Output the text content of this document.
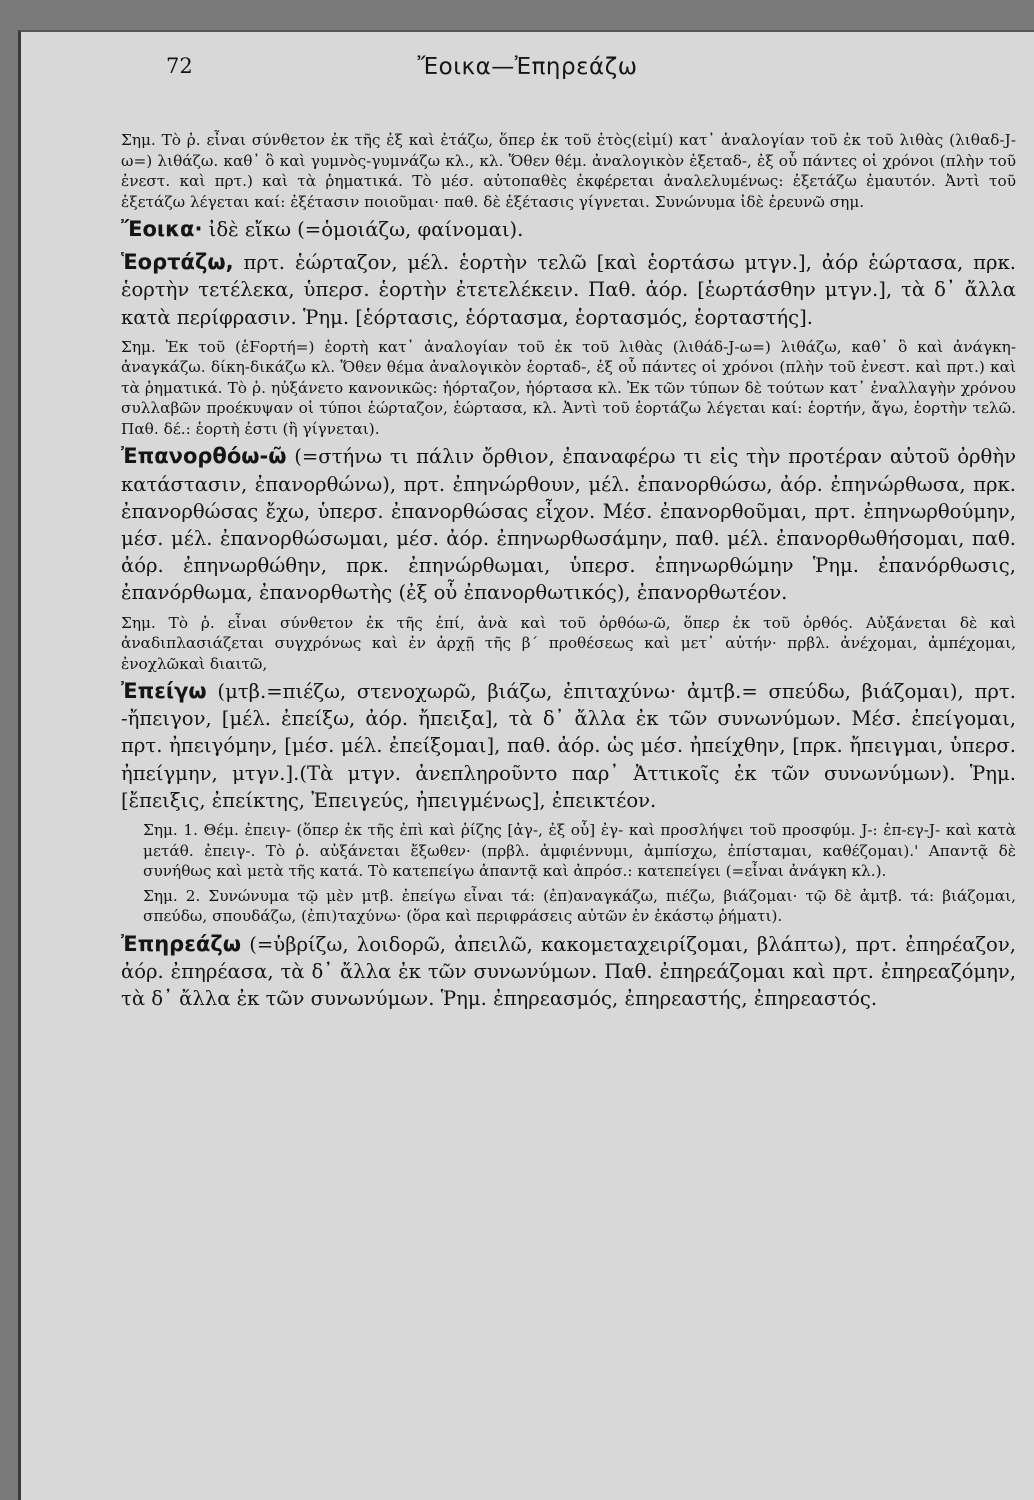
72	Ἔοικα—Ἐπηρεάζω

Σημ. Τὸ ῥ. εἶναι σύνθετον ἐκ τῆς ἐξ καὶ ἐτάζω, ὅπερ ἐκ τοῦ ἐτὸς(εἰμί) κατ᾽ ἀναλογίαν τοῦ ἐκ τοῦ λιθὰς (λιθαδ-J-ω=) λιθάζω. καθ᾽ ὃ καὶ γυμνὸς-γυμνάζω κλ., κλ. Ὅθεν θέμ. ἀναλογικὸν ἐξεταδ-, ἐξ οὗ πάντες οἱ χρόνοι (πλὴν τοῦ ἐνεστ. καὶ πρτ.) καὶ τὰ ῥηματικά. Τὸ μέσ. αὐτοπαθὲς ἐκφέρεται ἀναλελυμένως: ἐξετάζω ἐμαυτόν. Ἀντὶ τοῦ ἐξετάζω λέγεται καί: ἐξέτασιν ποιοῦμαι· παθ. δὲ ἐξέτασις γίγνεται. Συνώνυμα ἰδὲ ἐρευνῶ σημ.

Ἔοικα· ἰδὲ εἴκω (=ὁμοιάζω, φαίνομαι).

Ἑορτάζω, πρτ. ἑώρταζον, μέλ. ἑορτὴν τελῶ [καὶ ἑορτάσω μτγν.], ἀόρ ἑώρτασα, πρκ. ἑορτὴν τετέλεκα, ὑπερσ. ἑορτὴν ἐτετελέκειν. Παθ. ἀόρ. [ἑωρτάσθην μτγν.], τὰ δ᾽ ἄλλα κατὰ περίφρασιν. Ῥημ. [ἑόρτασις, ἑόρτασμα, ἑορτασμός, ἑορταστής].

Σημ. Ἐκ τοῦ (ἑϜορτή=) ἑορτὴ κατ᾽ ἀναλογίαν τοῦ ἐκ τοῦ λιθὰς (λιθάδ-J-ω=) λιθάζω, καθ᾽ ὃ καὶ ἀνάγκη-ἀναγκάζω. δίκη-δικάζω κλ. Ὅθεν θέμα ἀναλογικὸν ἑορταδ-, ἐξ οὗ πάντες οἱ χρόνοι (πλὴν τοῦ ἐνεστ. καὶ πρτ.) καὶ τὰ ῥηματικά. Τὸ ῥ. ηὐξάνετο κανονικῶς: ἡόρταζον, ἡόρτασα κλ. Ἐκ τῶν τύπων δὲ τούτων κατ᾽ ἐναλλαγὴν χρόνου συλλαβῶν προέκυψαν οἱ τύποι ἑώρταζον, ἑώρτασα, κλ. Ἀντὶ τοῦ ἑορτάζω λέγεται καί: ἑορτήν, ἄγω, ἑορτὴν τελῶ. Παθ. δέ.: ἑορτὴ ἐστι (ἢ γίγνεται).

Ἐπανορθόω-ῶ (=στήνω τι πάλιν ὄρθιον, ἐπαναφέρω τι εἰς τὴν προτέραν αὐτοῦ ὀρθὴν κατάστασιν, ἐπανορθώνω), πρτ. ἐπηνώρθουν, μέλ. ἐπανορθώσω, ἀόρ. ἐπηνώρθωσα, πρκ. ἐπανορθώσας ἔχω, ὑπερσ. ἐπανορθώσας εἶχον. Μέσ. ἐπανορθοῦμαι, πρτ. ἐπηνωρθούμην, μέσ. μέλ. ἐπανορθώσωμαι, μέσ. ἀόρ. ἐπηνωρθωσάμην, παθ. μέλ. ἐπανορθωθήσομαι, παθ. ἀόρ. ἐπηνωρθώθην, πρκ. ἐπηνώρθωμαι, ὑπερσ. ἐπηνωρθώμην Ῥημ. ἐπανόρθωσις, ἐπανόρθωμα, ἐπανορθωτὴς (ἐξ οὗ ἐπανορθωτικός), ἐπανορθωτέον.

Σημ. Τὸ ῥ. εἶναι σύνθετον ἐκ τῆς ἐπί, ἀνὰ καὶ τοῦ ὀρθόω-ῶ, ὅπερ ἐκ τοῦ ὀρθός. Αὐξάνεται δὲ καὶ ἀναδιπλασιάζεται συγχρόνως καὶ ἐν ἀρχῇ τῆς β´ προθέσεως καὶ μετ᾽ αὐτήν· πρβλ. ἀνέχομαι, ἀμπέχομαι, ἐνοχλῶκαὶ διαιτῶ,

Ἐπείγω (μτβ.=πιέζω, στενοχωρῶ, βιάζω, ἐπιταχύνω· ἀμτβ.= σπεύδω, βιάζομαι), πρτ. -ἤπειγον, [μέλ. ἐπείξω, ἀόρ. ἤπειξα], τὰ δ᾽ ἄλλα ἐκ τῶν συνωνύμων. Μέσ. ἐπείγομαι, πρτ. ἠπειγόμην, [μέσ. μέλ. ἐπείξομαι], παθ. ἀόρ. ὡς μέσ. ἠπείχθην, [πρκ. ἤπειγμαι, ὑπερσ. ἠπείγμην, μτγν.].(Τὰ μτγν. ἀνεπληροῦντο παρ᾽ Ἀττικοῖς ἐκ τῶν συνωνύμων). Ῥημ. [ἔπειξις, ἐπείκτης, Ἐπειγεύς, ἠπειγμένως], ἐπεικτέον.

Σημ. 1. Θέμ. ἐπειγ- (ὅπερ ἐκ τῆς ἐπὶ καὶ ῥίζης [ἀγ-, ἐξ οὗ] ἐγ- καὶ προσλήψει τοῦ προσφύμ. J-: ἐπ-εγ-J- καὶ κατὰ μετάθ. ἐπειγ-. Τὸ ῥ. αὐξάνεται ἔξωθεν· (πρβλ. ἀμφιέννυμι, ἀμπίσχω, ἐπίσταμαι, καθέζομαι).' Απαντᾷ δὲ συνήθως καὶ μετὰ τῆς κατά. Τὸ κατεπείγω ἀπαντᾷ καὶ ἀπρόσ.: κατεπείγει (=εἶναι ἀνάγκη κλ.).

Σημ. 2. Συνώνυμα τῷ μὲν μτβ. ἐπείγω εἶναι τά: (ἐπ)αναγκάζω, πιέζω, βιάζομαι· τῷ δὲ ἀμτβ. τά: βιάζομαι, σπεύδω, σπουδάζω, (ἐπι)ταχύνω· (ὅρα καὶ περιφράσεις αὐτῶν ἐν ἑκάστῳ ῥήματι).

Ἐπηρεάζω (=ὑβρίζω, λοιδορῶ, ἀπειλῶ, κακομεταχειρίζομαι, βλάπτω), πρτ. ἐπηρέαζον, ἀόρ. ἐπηρέασα, τὰ δ᾽ ἄλλα ἐκ τῶν συνωνύμων. Παθ. ἐπηρεάζομαι καὶ πρτ. ἐπηρεαζόμην, τὰ δ᾽ ἄλλα ἐκ τῶν συνωνύμων. Ῥημ. ἐπηρεασμός, ἐπηρεαστής, ἐπηρεαστός.
